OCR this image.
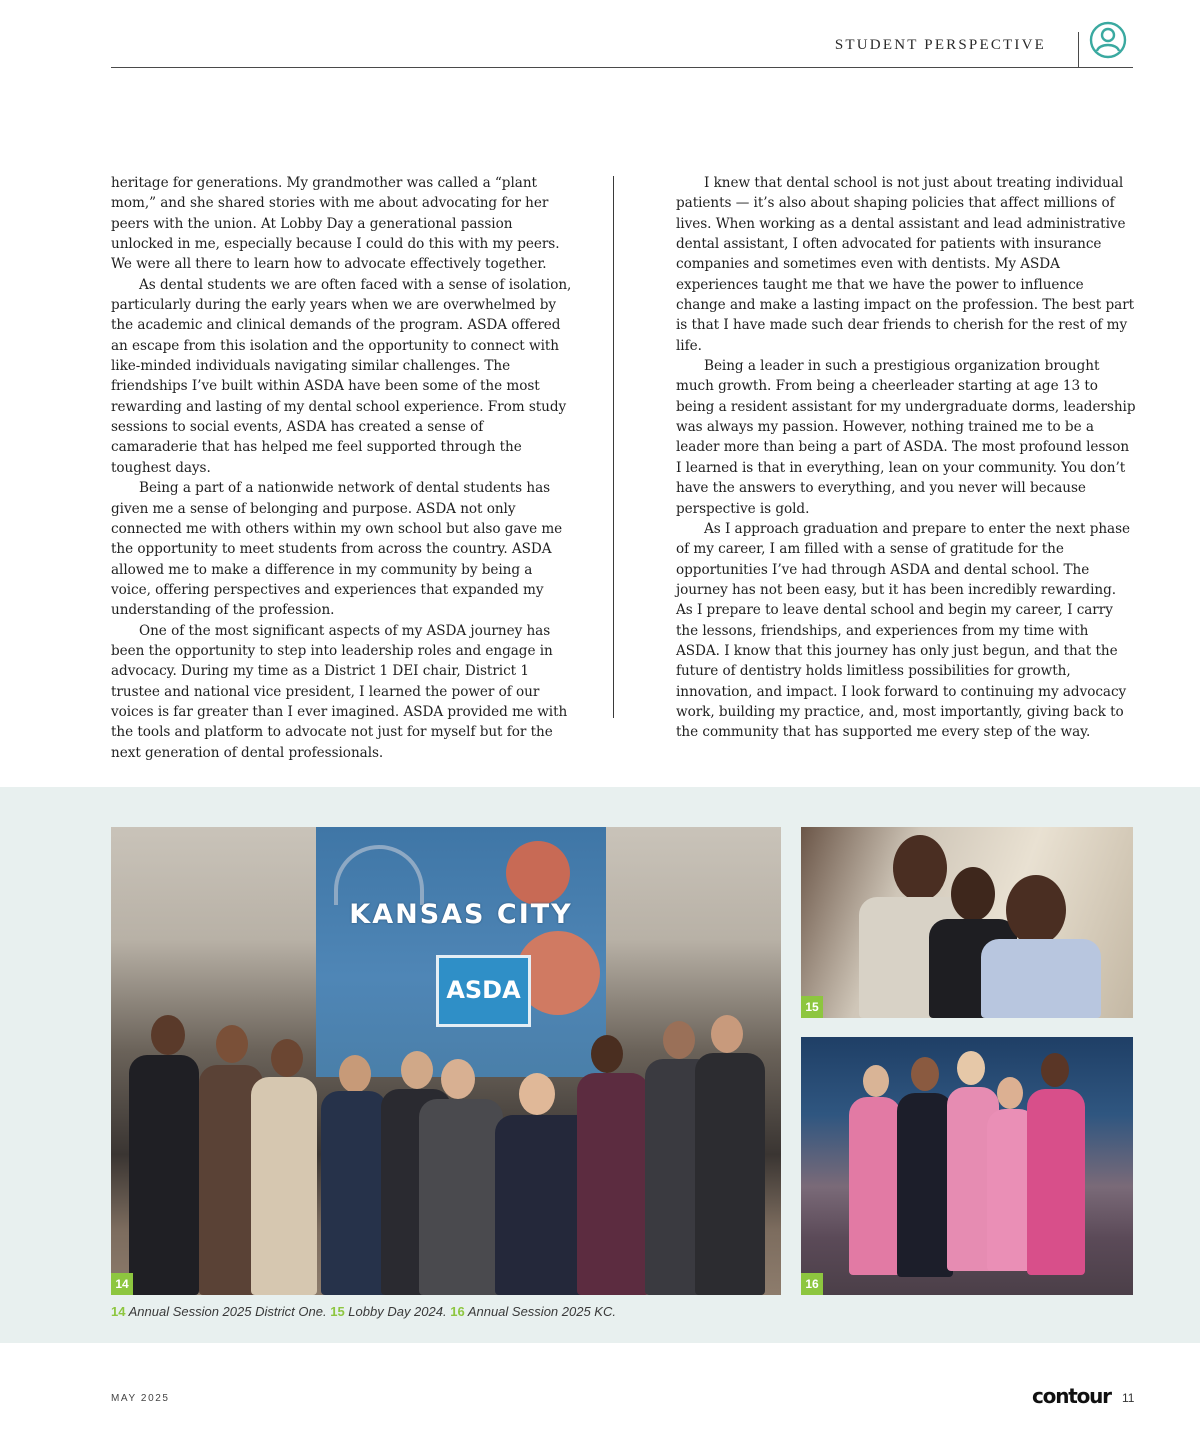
STUDENT PERSPECTIVE

heritage for generations. My grandmother was called a “plant mom,” and she shared stories with me about advocating for her peers with the union. At Lobby Day a generational passion unlocked in me, especially because I could do this with my peers. We were all there to learn how to advocate effectively together.

As dental students we are often faced with a sense of isolation, particularly during the early years when we are overwhelmed by the academic and clinical demands of the program. ASDA offered an escape from this isolation and the opportunity to connect with like-minded individuals navigating similar challenges. The friendships I’ve built within ASDA have been some of the most rewarding and lasting of my dental school experience. From study sessions to social events, ASDA has created a sense of camaraderie that has helped me feel supported through the toughest days.

Being a part of a nationwide network of dental students has given me a sense of belonging and purpose. ASDA not only connected me with others within my own school but also gave me the opportunity to meet students from across the country. ASDA allowed me to make a difference in my community by being a voice, offering perspectives and experiences that expanded my understanding of the profession.

One of the most significant aspects of my ASDA journey has been the opportunity to step into leadership roles and engage in advocacy. During my time as a District 1 DEI chair, District 1 trustee and national vice president, I learned the power of our voices is far greater than I ever imagined. ASDA provided me with the tools and platform to advocate not just for myself but for the next generation of dental professionals.

I knew that dental school is not just about treating individual patients — it’s also about shaping policies that affect millions of lives. When working as a dental assistant and lead administrative dental assistant, I often advocated for patients with insurance companies and sometimes even with dentists. My ASDA experiences taught me that we have the power to influence change and make a lasting impact on the profession. The best part is that I have made such dear friends to cherish for the rest of my life.

Being a leader in such a prestigious organization brought much growth. From being a cheerleader starting at age 13 to being a resident assistant for my undergraduate dorms, leadership was always my passion. However, nothing trained me to be a leader more than being a part of ASDA. The most profound lesson I learned is that in everything, lean on your community. You don’t have the answers to everything, and you never will because perspective is gold.

As I approach graduation and prepare to enter the next phase of my career, I am filled with a sense of gratitude for the opportunities I’ve had through ASDA and dental school. The journey has not been easy, but it has been incredibly rewarding. As I prepare to leave dental school and begin my career, I carry the lessons, friendships, and experiences from my time with ASDA. I know that this journey has only just begun, and that the future of dentistry holds limitless possibilities for growth, innovation, and impact. I look forward to continuing my advocacy work, building my practice, and, most importantly, giving back to the community that has supported me every step of the way.

KANSAS CITY
ASDA
14
15
16
14 Annual Session 2025 District One. 15 Lobby Day 2024. 16 Annual Session 2025 KC.
MAY 2025	contour 11
